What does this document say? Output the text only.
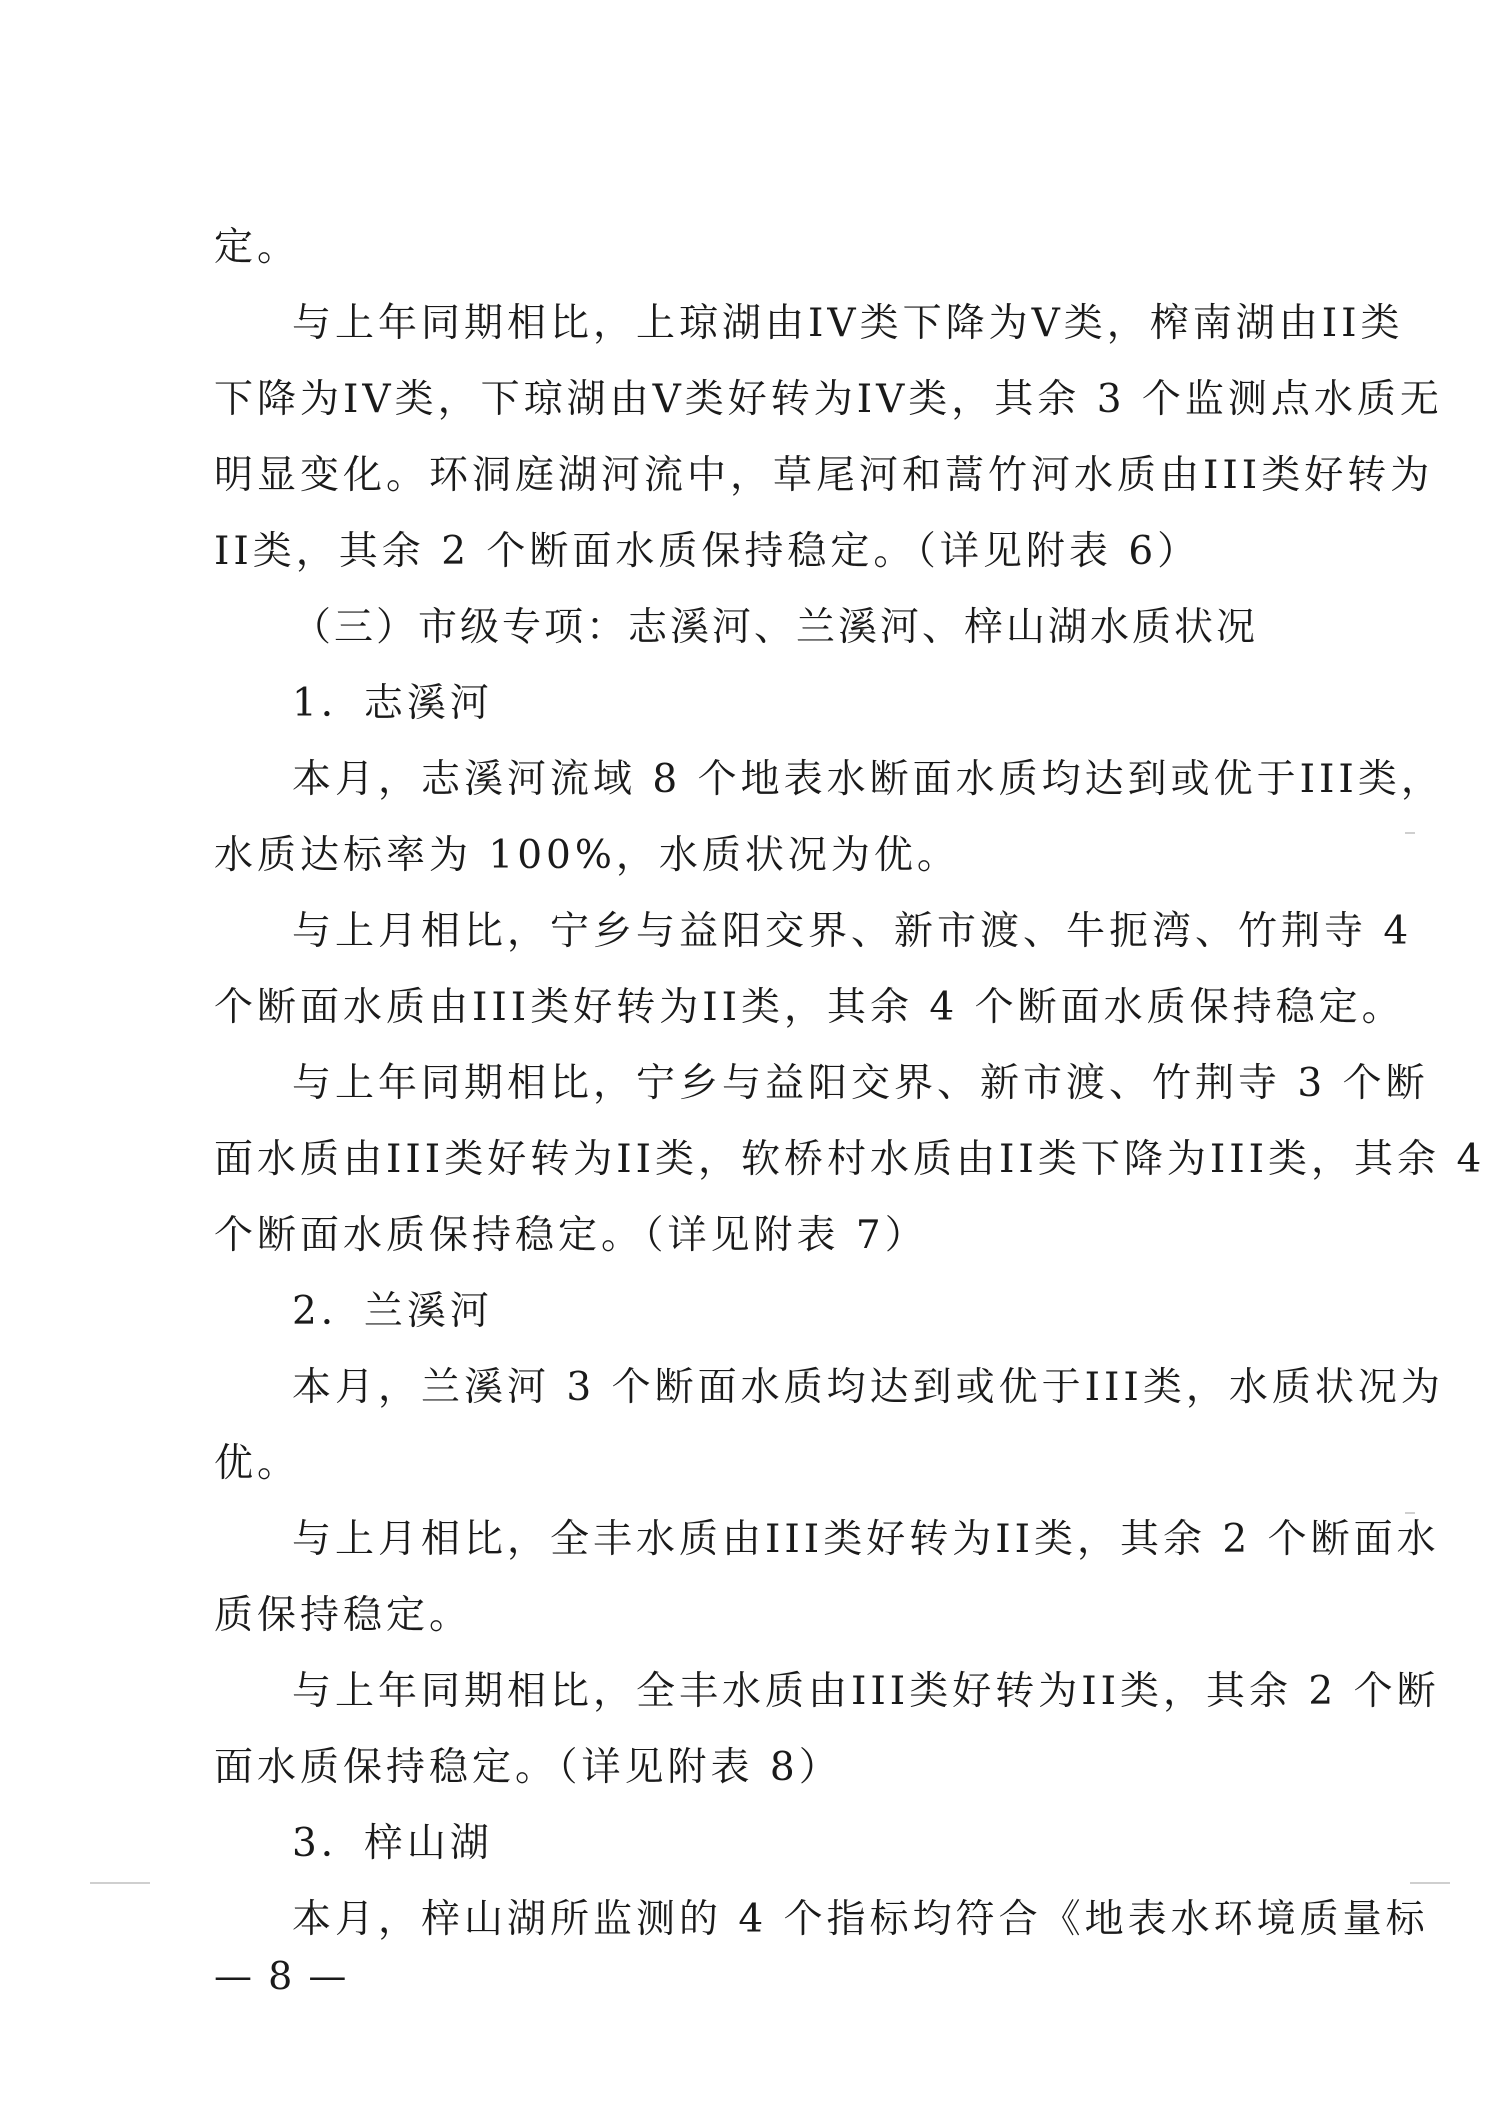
定。
与上年同期相比，上琼湖由IV类下降为V类，榨南湖由II类
下降为IV类，下琼湖由V类好转为IV类，其余 3 个监测点水质无
明显变化。环洞庭湖河流中，草尾河和蒿竹河水质由III类好转为
II类，其余 2 个断面水质保持稳定。（详见附表 6）
（三）市级专项：志溪河、兰溪河、梓山湖水质状况
1．志溪河
本月，志溪河流域 8 个地表水断面水质均达到或优于III类，
水质达标率为 100%，水质状况为优。
与上月相比，宁乡与益阳交界、新市渡、牛扼湾、竹荆寺 4
个断面水质由III类好转为II类，其余 4 个断面水质保持稳定。
与上年同期相比，宁乡与益阳交界、新市渡、竹荆寺 3 个断
面水质由III类好转为II类，软桥村水质由II类下降为III类，其余 4
个断面水质保持稳定。（详见附表 7）
2．兰溪河
本月，兰溪河 3 个断面水质均达到或优于III类，水质状况为
优。
与上月相比，全丰水质由III类好转为II类，其余 2 个断面水
质保持稳定。
与上年同期相比，全丰水质由III类好转为II类，其余 2 个断
面水质保持稳定。（详见附表 8）
3．梓山湖
本月，梓山湖所监测的 4 个指标均符合《地表水环境质量标
— 8 —
